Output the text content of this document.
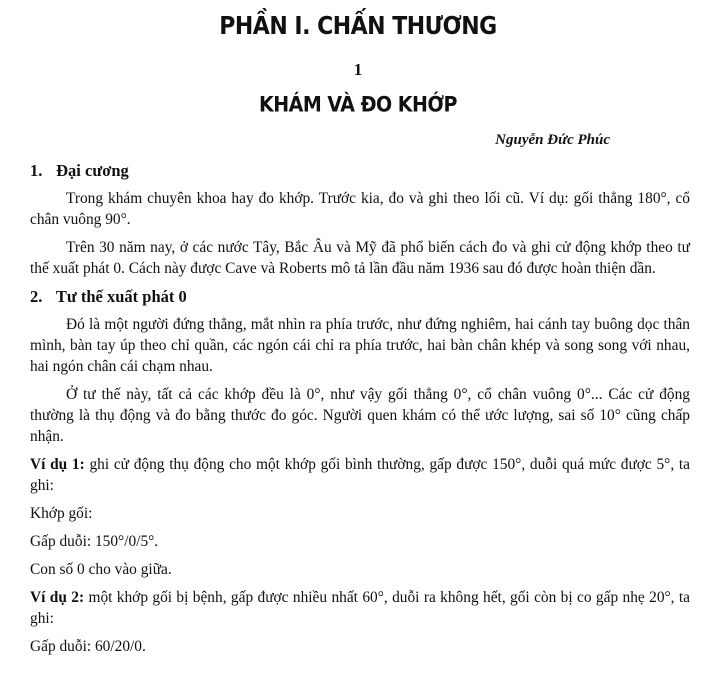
PHẦN I. CHẤN THƯƠNG
1
KHÁM VÀ ĐO KHỚP
Nguyễn Đức Phúc
1. Đại cương

Trong khám chuyên khoa hay đo khớp. Trước kia, đo và ghi theo lối cũ. Ví dụ: gối thẳng 180°, cổ chân vuông 90°.

Trên 30 năm nay, ở các nước Tây, Bắc Âu và Mỹ đã phổ biến cách đo và ghi cử động khớp theo tư thế xuất phát 0. Cách này được Cave và Roberts mô tả lần đầu năm 1936 sau đó được hoàn thiện dần.

2. Tư thế xuất phát 0

Đó là một người đứng thẳng, mắt nhìn ra phía trước, như đứng nghiêm, hai cánh tay buông dọc thân mình, bàn tay úp theo chỉ quần, các ngón cái chỉ ra phía trước, hai bàn chân khép và song song với nhau, hai ngón chân cái chạm nhau.

Ở tư thế này, tất cả các khớp đều là 0°, như vậy gối thẳng 0°, cổ chân vuông 0°... Các cử động thường là thụ động và đo bằng thước đo góc. Người quen khám có thể ước lượng, sai số 10° cũng chấp nhận.

Ví dụ 1: ghi cử động thụ động cho một khớp gối bình thường, gấp được 150°, duỗi quá mức được 5°, ta ghi:

Khớp gối:

Gấp duỗi: 150°/0/5°.

Con số 0 cho vào giữa.

Ví dụ 2: một khớp gối bị bệnh, gấp được nhiều nhất 60°, duỗi ra không hết, gối còn bị co gấp nhẹ 20°, ta ghi:

Gấp duỗi: 60/20/0.
